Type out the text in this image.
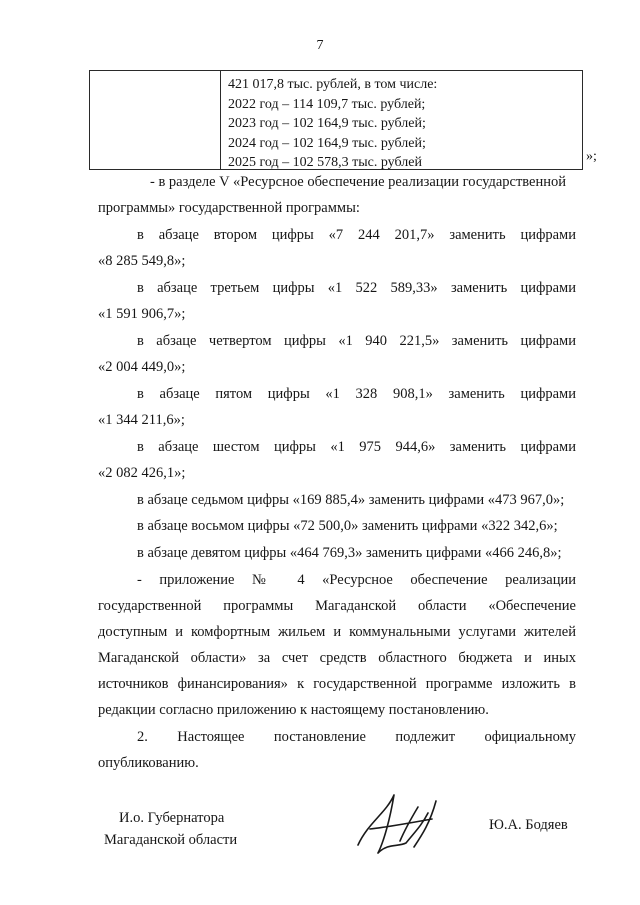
7
421 017,8 тыс. рублей, в том числе:
2022 год – 114 109,7 тыс. рублей;
2023 год – 102 164,9 тыс. рублей;
2024 год – 102 164,9 тыс. рублей;
2025 год – 102 578,3 тыс. рублей	»;
- в разделе V «Ресурсное обеспечение реализации государственной
программы» государственной программы:
в абзаце втором цифры «7 244 201,7» заменить цифрами
«8 285 549,8»;
в абзаце третьем цифры «1 522 589,33» заменить цифрами
«1 591 906,7»;
в абзаце четвертом цифры «1 940 221,5» заменить цифрами
«2 004 449,0»;
в абзаце пятом цифры «1 328 908,1» заменить цифрами
«1 344 211,6»;
в абзаце шестом цифры «1 975 944,6» заменить цифрами
«2 082 426,1»;
в абзаце седьмом цифры «169 885,4» заменить цифрами «473 967,0»;
в абзаце восьмом цифры «72 500,0» заменить цифрами «322 342,6»;
в абзаце девятом цифры «464 769,3» заменить цифрами «466 246,8»;
- приложение № 4 «Ресурсное обеспечение реализации
государственной программы Магаданской области «Обеспечение
доступным и комфортным жильем и коммунальными услугами жителей
Магаданской области» за счет средств областного бюджета и иных
источников финансирования» к государственной программе изложить в
редакции согласно приложению к настоящему постановлению.
2. Настоящее постановление подлежит официальному
опубликованию.
И.о. Губернатора
Магаданской области
Ю.А. Бодяев
